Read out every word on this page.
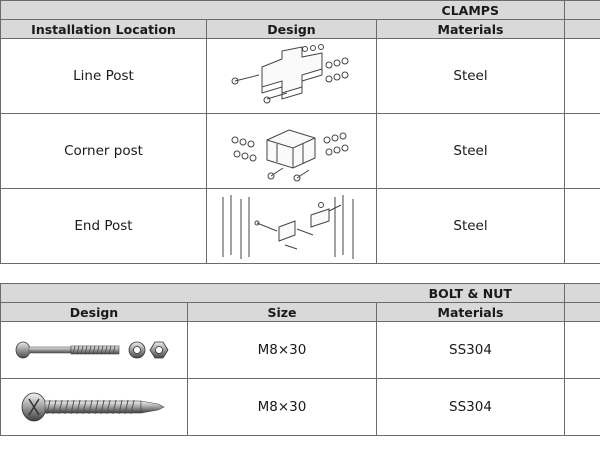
		CLAMPS	
Installation Location	Design	Materials	
Line Post		Steel	
Corner post		Steel	
End Post		Steel	
		BOLT & NUT	
Design	Size	Materials	

	M8×30	SS304	

	M8×30	SS304	
